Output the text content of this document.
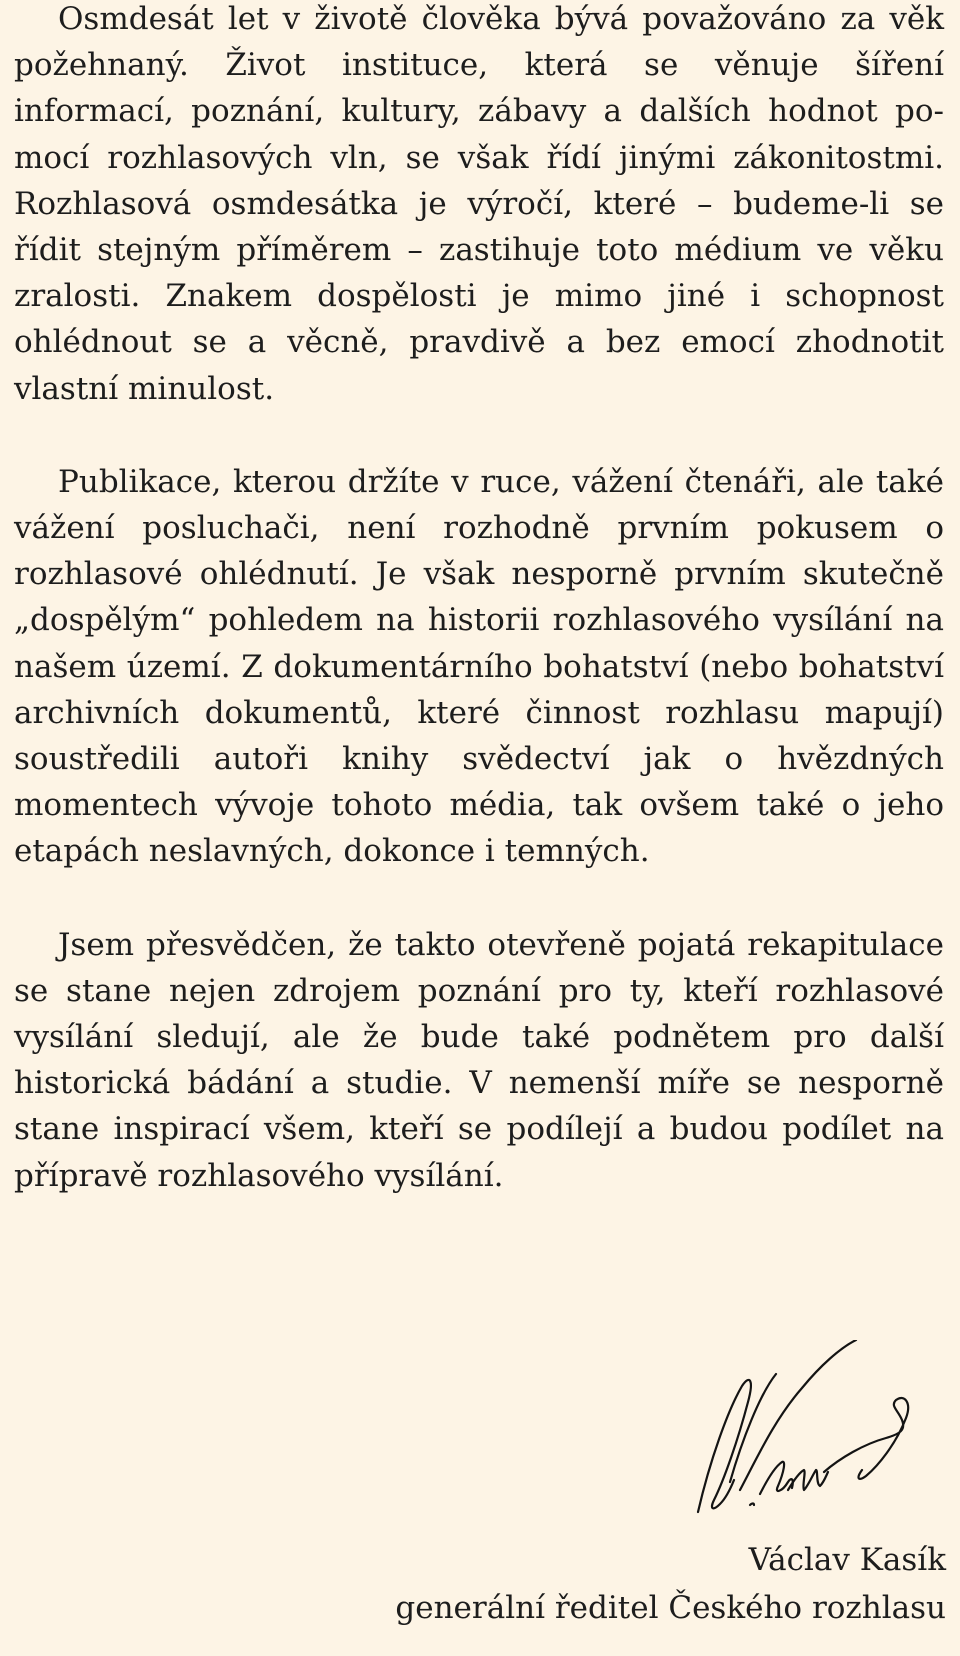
Osmdesát let v životě člověka bývá považováno za věk požehnaný. Život instituce, která se věnuje šíření informací, poznání, kultury, zábavy a dalších hodnot pomocí rozhlasových vln, se však řídí jinými zákonitostmi. Rozhlasová osmdesátka je výročí, které – budeme-li se řídit stejným příměrem – zastihuje toto médium ve věku zralosti. Znakem dospělosti je mimo jiné i schopnost ohlédnout se a věcně, pravdivě a bez emocí zhodnotit vlastní minulost.

Publikace, kterou držíte v ruce, vážení čtenáři, ale také vážení posluchači, není rozhodně prvním pokusem o rozhlasové ohlédnutí. Je však nesporně prvním skutečně „dospělým“ pohledem na historii rozhlasového vysílání na našem území. Z dokumentárního bohatství (nebo bohatství archivních dokumentů, které činnost rozhlasu mapují) soustředili autoři knihy svědectví jak o hvězdných momentech vývoje tohoto média, tak ovšem také o jeho etapách neslavných, dokonce i temných.

Jsem přesvědčen, že takto otevřeně pojatá rekapitulace se stane nejen zdrojem poznání pro ty, kteří rozhlasové vysílání sledují, ale že bude také podnětem pro další historická bádání a studie. V nemenší míře se nesporně stane inspirací všem, kteří se podílejí a budou podílet na přípravě rozhlasového vysílání.

Václav Kasík
generální ředitel Českého rozhlasu
